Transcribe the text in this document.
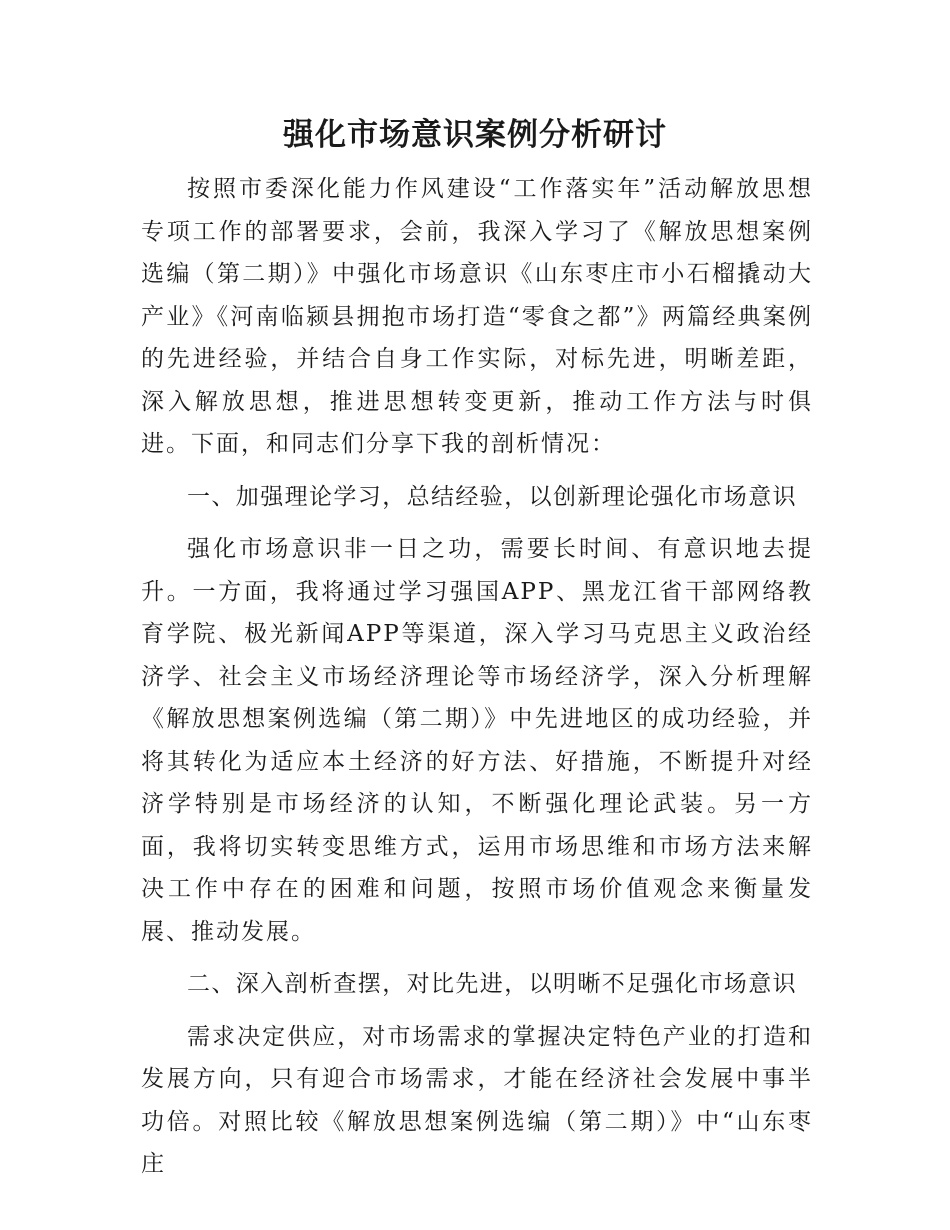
强化市场意识案例分析研讨

按照市委深化能力作风建设“工作落实年”活动解放思想专项工作的部署要求，会前，我深入学习了《解放思想案例选编（第二期）》中强化市场意识《山东枣庄市小石榴撬动大产业》《河南临颍县拥抱市场打造“零食之都”》两篇经典案例的先进经验，并结合自身工作实际，对标先进，明晰差距，深入解放思想，推进思想转变更新，推动工作方法与时俱进。下面，和同志们分享下我的剖析情况：

一、加强理论学习，总结经验，以创新理论强化市场意识

强化市场意识非一日之功，需要长时间、有意识地去提升。一方面，我将通过学习强国APP、黑龙江省干部网络教育学院、极光新闻APP等渠道，深入学习马克思主义政治经济学、社会主义市场经济理论等市场经济学，深入分析理解《解放思想案例选编（第二期）》中先进地区的成功经验，并将其转化为适应本土经济的好方法、好措施，不断提升对经济学特别是市场经济的认知，不断强化理论武装。另一方面，我将切实转变思维方式，运用市场思维和市场方法来解决工作中存在的困难和问题，按照市场价值观念来衡量发展、推动发展。

二、深入剖析查摆，对比先进，以明晰不足强化市场意识

需求决定供应，对市场需求的掌握决定特色产业的打造和发展方向，只有迎合市场需求，才能在经济社会发展中事半功倍。对照比较《解放思想案例选编（第二期）》中“山东枣庄
